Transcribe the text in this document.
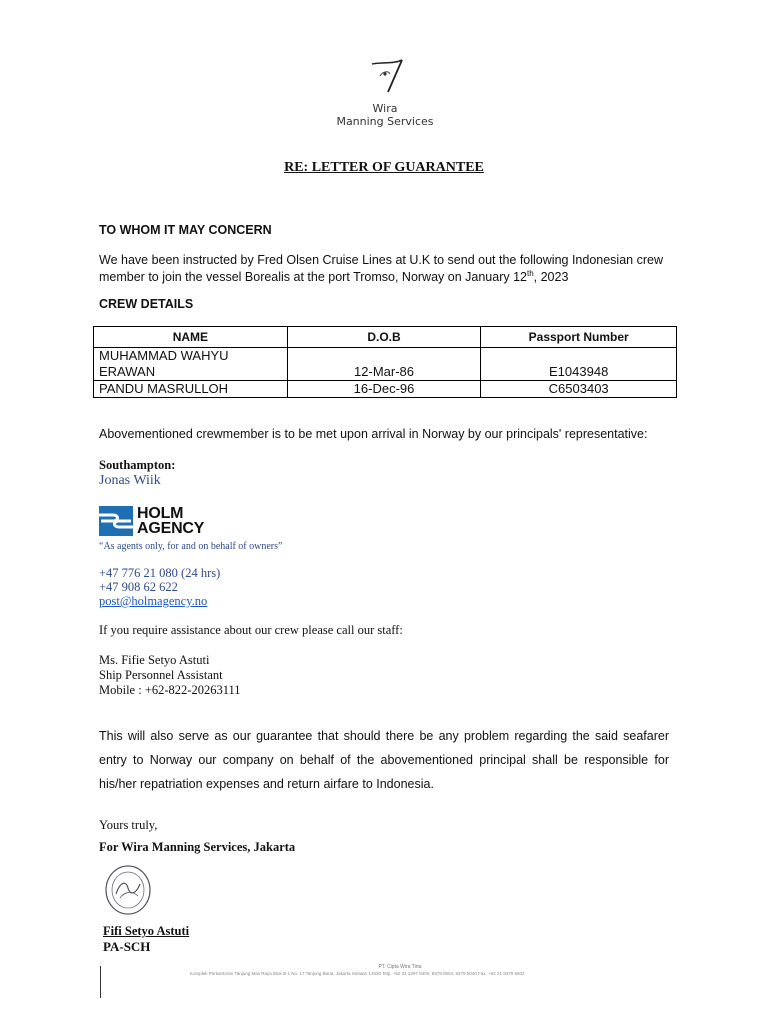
Wira
Manning Services
RE: LETTER OF GUARANTEE
TO WHOM IT MAY CONCERN
We have been instructed by Fred Olsen Cruise Lines at U.K to send out the following Indonesian crew
member to join the vessel Borealis at the port Tromso, Norway on January 12th, 2023
CREW DETAILS
NAME	D.O.B	Passport Number

MUHAMMAD WAHYU
ERAWAN	12-Mar-86	E1043948

PANDU MASRULLOH	16-Dec-96	C6503403
Abovementioned crewmember is to be met upon arrival in Norway by our principals' representative:
Southampton:
Jonas Wiik
HOLM
AGENCY
“As agents only, for and on behalf of owners”
+47 776 21 080 (24 hrs)
+47 908 62 622
post@holmagency.no
If you require assistance about our crew please call our staff:
Ms. Fifie Setyo Astuti
Ship Personnel Assistant
Mobile : +62-822-20263111
This will also serve as our guarantee that should there be any problem regarding the said seafarer entry to Norway our company on behalf of the abovementioned principal shall be responsible for his/her repatriation expenses and return airfare to Indonesia.
Yours truly,
For Wira Manning Services, Jakarta
Fifi Setyo Astuti
PA-SCH
PT. Cipta Wira Tirta
Komplek Perkantoran Tanjung Mas Raya Blok B-1 No. 17 Tanjung Barat, Jakarta Selatan 12530 Telp. +62 21 2297 8400, 8379 0504, 8379 5040 Fax. +62 21 8379 5502
